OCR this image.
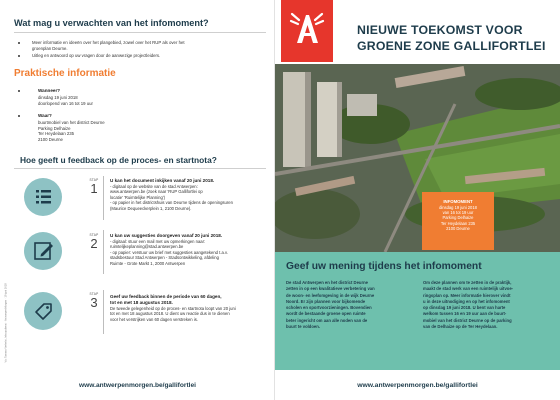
Vu: Tamara Verhelst, Inkoopdienst · AntwerpenMorgen · 19 juni 2018
Wat mag u verwachten van het infomoment?
Meer informatie en ideeën over het plangebied, zowel over het RUP als over het
groenplan Deurne.
Uitleg en antwoord op uw vragen door de aanwezige projectleiders.
Praktische informatie
Wanneer?
dinsdag 19 juni 2018
doorlopend van 16 tot 19 uur
Waar?
buurtmobiel van het district Deurne
Parking Delhaize
Ter Heydelaan 235
2100 Deurne
Hoe geeft u feedback op de proces- en startnota?
STAP
1
U kan het document inkijken vanaf 20 juni 2018.
- digitaal op de website van de stad Antwerpen:
www.antwerpen.be (zoek naar 'RUP Gallifortlei op
locatie' 'Ruimtelijke Planning')
- op papier in het districtshuis van Deurne tijdens de openingsuren
(Maurice Dequeeckerplein 1, 2100 Deurne).
STAP
2
U kan uw suggesties doorgeven vanaf 20 juni 2018.
- digitaal: stuur een mail met uw opmerkingen naar:
ruimtelijkeplanning@stad.antwerpen.be
- op papier: verstuur uw brief met suggesties aangetekend t.a.v.
stadsbestuur Stad Antwerpen - Stadsontwikkeling, afdeling
Ruimte - Grote Markt 1, 2000 Antwerpen
STAP
3	Geef uw feedback binnen de periode van 60 dagen,
tot en met 18 augustus 2018.
De tweede gelegenheid op de proces- en startnota loopt van 20 juni
tot en met 18 augustus 2018. U dient uw reactie dus in te dienen
voor het verstrijken van 60 dagen verstreken is.
www.antwerpenmorgen.be/gallifortlei
NIEUWE TOEKOMST VOOR
GROENE ZONE GALLIFORTLEI
INFOMOMENT
dinsdag 19 juni 2018
van 16 tot 19 uur
Parking Delhaize
Ter Heydelaan 235
2100 Deurne
Geef uw mening tijdens het infomoment
De stad Antwerpen en het district Deurne
zetten in op een kwalitatieve verbetering van
de woon- en leefomgeving in de wijk Deurne
Noord. Er zijn plannen voor bijkomende
scholen en sportvoorzieningen. Bovendien
wordt de bestaande groene open ruimte
beter ingericht om aan alle noden van de
buurt te voldoen.
Om deze plannen om te zetten in de praktijk,
maakt de stad werk van een ruimtelijk uitvoe-
ringsplan op. Meer informatie hierover vindt
u in deze uitnodiging en op het infomoment
op dinsdag 19 juni 2018. U bent van harte
welkom tussen 16 en 19 uur aan de buurt-
mobiel van het district Deurne op de parking
van de Delhaize op de Ter Heydelaan.
www.antwerpenmorgen.be/gallifortlei
